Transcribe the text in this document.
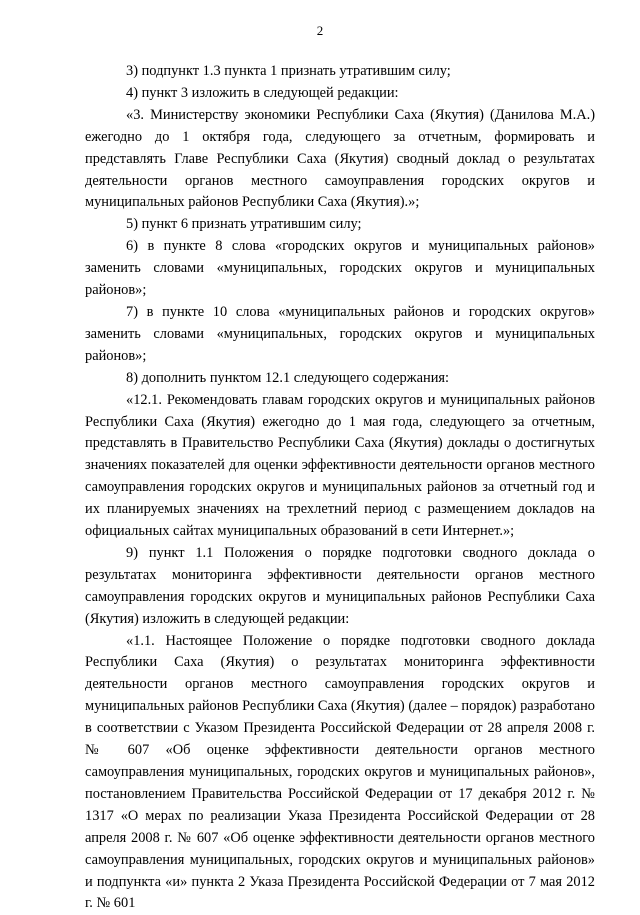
2

3) подпункт 1.3 пункта 1 признать утратившим силу;

4) пункт 3 изложить в следующей редакции:

«3. Министерству экономики Республики Саха (Якутия) (Данилова М.А.) ежегодно до 1 октября года, следующего за отчетным, формировать и представлять Главе Республики Саха (Якутия) сводный доклад о результатах деятельности органов местного самоуправления городских округов и муниципальных районов Республики Саха (Якутия).»;

5) пункт 6 признать утратившим силу;

6) в пункте 8 слова «городских округов и муниципальных районов» заменить словами «муниципальных, городских округов и муниципальных районов»;

7) в пункте 10 слова «муниципальных районов и городских округов» заменить словами «муниципальных, городских округов и муниципальных районов»;

8) дополнить пунктом 12.1 следующего содержания:

«12.1. Рекомендовать главам городских округов и муниципальных районов Республики Саха (Якутия) ежегодно до 1 мая года, следующего за отчетным, представлять в Правительство Республики Саха (Якутия) доклады о достигнутых значениях показателей для оценки эффективности деятельности органов местного самоуправления городских округов и муниципальных районов за отчетный год и их планируемых значениях на трехлетний период с размещением докладов на официальных сайтах муниципальных образований в сети Интернет.»;

9) пункт 1.1 Положения о порядке подготовки сводного доклада о результатах мониторинга эффективности деятельности органов местного самоуправления городских округов и муниципальных районов Республики Саха (Якутия) изложить в следующей редакции:

«1.1. Настоящее Положение о порядке подготовки сводного доклада Республики Саха (Якутия) о результатах мониторинга эффективности деятельности органов местного самоуправления городских округов и муниципальных районов Республики Саха (Якутия) (далее – порядок) разработано в соответствии с Указом Президента Российской Федерации от 28 апреля 2008 г. № 607 «Об оценке эффективности деятельности органов местного самоуправления муниципальных, городских округов и муниципальных районов», постановлением Правительства Российской Федерации от 17 декабря 2012 г. № 1317 «О мерах по реализации Указа Президента Российской Федерации от 28 апреля 2008 г. № 607 «Об оценке эффективности деятельности органов местного самоуправления муниципальных, городских округов и муниципальных районов» и подпункта «и» пункта 2 Указа Президента Российской Федерации от 7 мая 2012 г. № 601
